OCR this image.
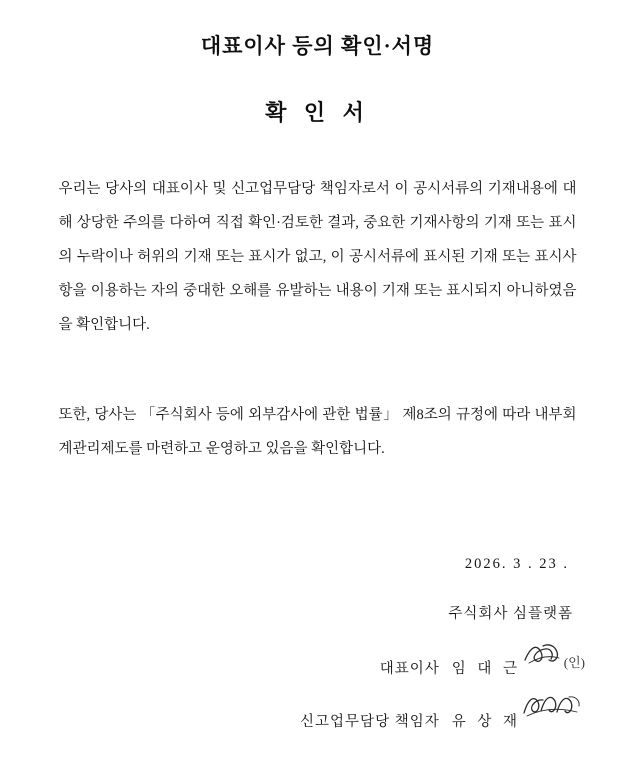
대표이사 등의 확인·서명
확 인 서
우리는 당사의 대표이사 및 신고업무담당 책임자로서 이 공시서류의 기재내용에 대해 상당한 주의를 다하여 직접 확인·검토한 결과, 중요한 기재사항의 기재 또는 표시의 누락이나 허위의 기재 또는 표시가 없고, 이 공시서류에 표시된 기재 또는 표시사항을 이용하는 자의 중대한 오해를 유발하는 내용이 기재 또는 표시되지 아니하였음을 확인합니다.
또한, 당사는 「주식회사 등에 외부감사에 관한 법률」 제8조의 규정에 따라 내부회계관리제도를 마련하고 운영하고 있음을 확인합니다.
2026. 3 . 23 .
주식회사 심플랫폼
대표이사 임 대 근	(인)
신고업무담당 책임자 유 상 재
